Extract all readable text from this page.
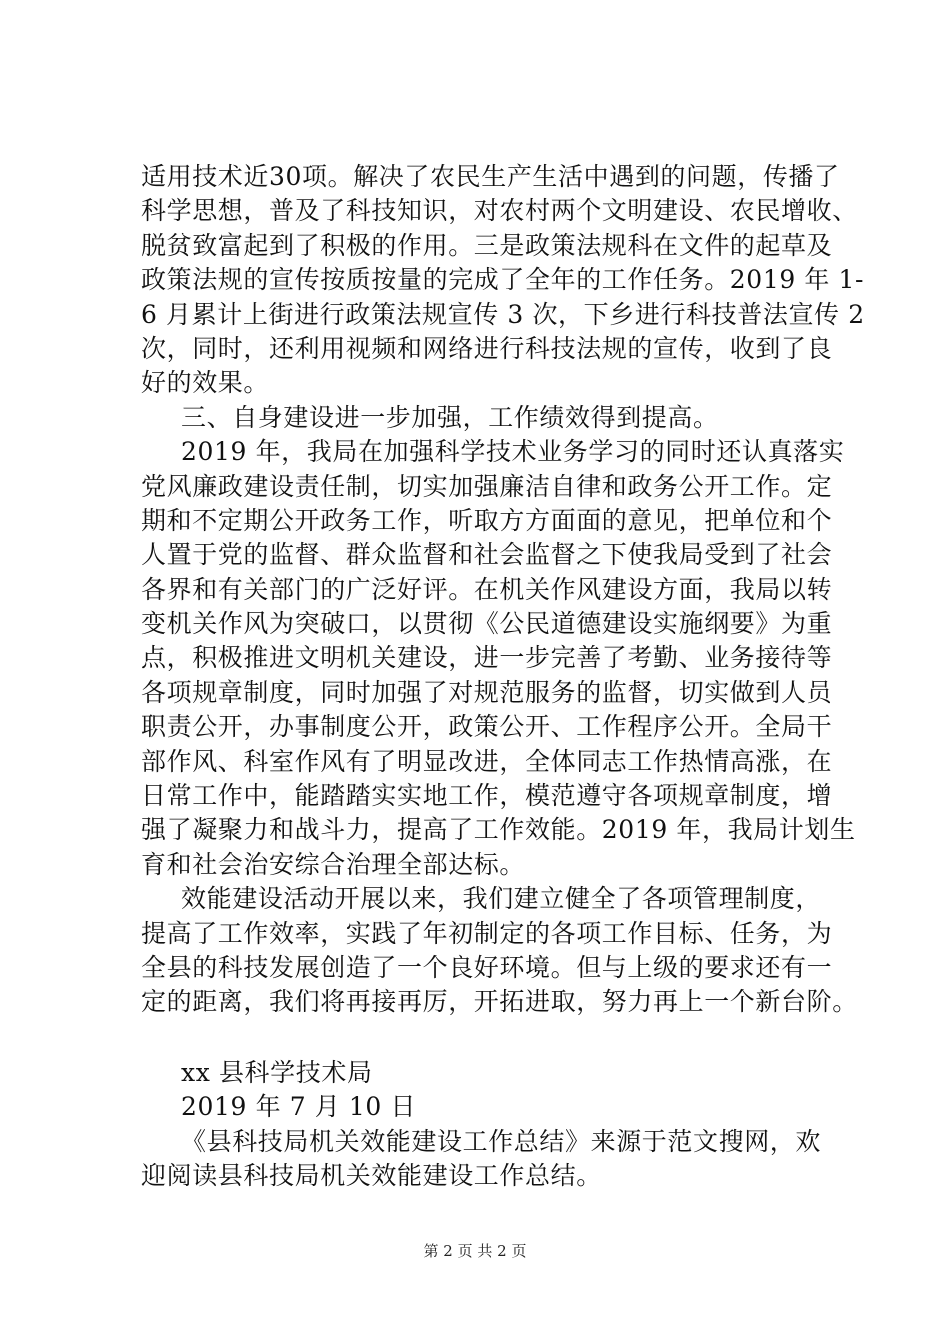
适用技术近30项。解决了农民生产生活中遇到的问题，传播了
科学思想，普及了科技知识，对农村两个文明建设、农民增收、
脱贫致富起到了积极的作用。三是政策法规科在文件的起草及
政策法规的宣传按质按量的完成了全年的工作任务。2019 年 1-
6 月累计上街进行政策法规宣传 3 次，下乡进行科技普法宣传 2
次，同时，还利用视频和网络进行科技法规的宣传，收到了良
好的效果。
三、自身建设进一步加强，工作绩效得到提高。
2019 年，我局在加强科学技术业务学习的同时还认真落实
党风廉政建设责任制，切实加强廉洁自律和政务公开工作。定
期和不定期公开政务工作，听取方方面面的意见，把单位和个
人置于党的监督、群众监督和社会监督之下使我局受到了社会
各界和有关部门的广泛好评。在机关作风建设方面，我局以转
变机关作风为突破口，以贯彻《公民道德建设实施纲要》为重
点，积极推进文明机关建设，进一步完善了考勤、业务接待等
各项规章制度，同时加强了对规范服务的监督，切实做到人员
职责公开，办事制度公开，政策公开、工作程序公开。全局干
部作风、科室作风有了明显改进，全体同志工作热情高涨，在
日常工作中，能踏踏实实地工作，模范遵守各项规章制度，增
强了凝聚力和战斗力，提高了工作效能。2019 年，我局计划生
育和社会治安综合治理全部达标。
效能建设活动开展以来，我们建立健全了各项管理制度，
提高了工作效率，实践了年初制定的各项工作目标、任务，为
全县的科技发展创造了一个良好环境。但与上级的要求还有一
定的距离，我们将再接再厉，开拓进取，努力再上一个新台阶。
xx 县科学技术局
2019 年 7 月 10 日
《县科技局机关效能建设工作总结》来源于范文搜网，欢
迎阅读县科技局机关效能建设工作总结。
第 2 页 共 2 页
